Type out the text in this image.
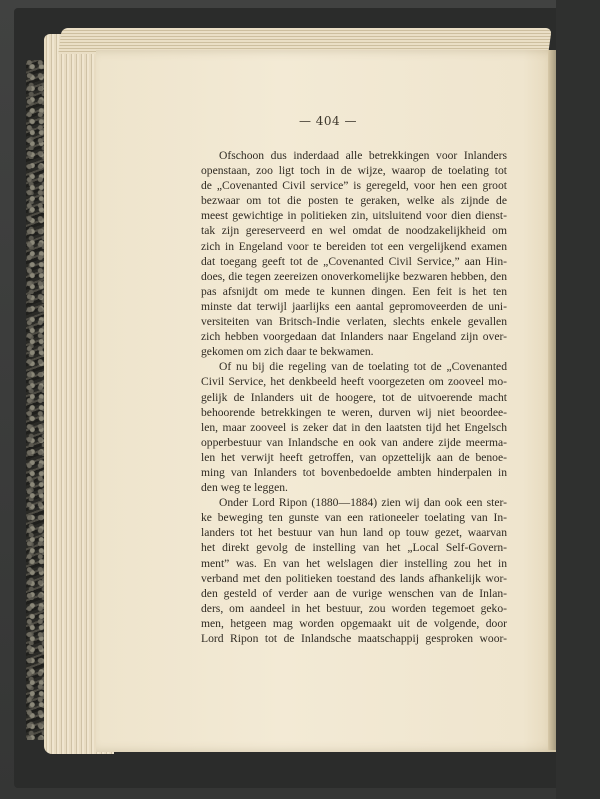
— 404 —
Ofschoon dus inderdaad alle betrekkingen voor Inlanders
openstaan, zoo ligt toch in de wijze, waarop de toelating tot
de „Covenanted Civil service” is geregeld, voor hen een groot
bezwaar om tot die posten te geraken, welke als zijnde de
meest gewichtige in politieken zin, uitsluitend voor dien dienst-
tak zijn gereserveerd en wel omdat de noodzakelijkheid om
zich in Engeland voor te bereiden tot een vergelijkend examen
dat toegang geeft tot de „Covenanted Civil Service,” aan Hin-
does, die tegen zeereizen onoverkomelijke bezwaren hebben, den
pas afsnijdt om mede te kunnen dingen. Een feit is het ten
minste dat terwijl jaarlijks een aantal gepromoveerden de uni-
versiteiten van Britsch-Indie verlaten, slechts enkele gevallen
zich hebben voorgedaan dat Inlanders naar Engeland zijn over-
gekomen om zich daar te bekwamen.
Of nu bij die regeling van de toelating tot de „Covenanted
Civil Service, het denkbeeld heeft voorgezeten om zooveel mo-
gelijk de Inlanders uit de hoogere, tot de uitvoerende macht
behoorende betrekkingen te weren, durven wij niet beoordee-
len, maar zooveel is zeker dat in den laatsten tijd het Engelsch
opperbestuur van Inlandsche en ook van andere zijde meerma-
len het verwijt heeft getroffen, van opzettelijk aan de benoe-
ming van Inlanders tot bovenbedoelde ambten hinderpalen in
den weg te leggen.
Onder Lord Ripon (1880—1884) zien wij dan ook een ster-
ke beweging ten gunste van een rationeeler toelating van In-
landers tot het bestuur van hun land op touw gezet, waarvan
het direkt gevolg de instelling van het „Local Self-Govern-
ment” was. En van het welslagen dier instelling zou het in
verband met den politieken toestand des lands afhankelijk wor-
den gesteld of verder aan de vurige wenschen van de Inlan-
ders, om aandeel in het bestuur, zou worden tegemoet geko-
men, hetgeen mag worden opgemaakt uit de volgende, door
Lord Ripon tot de Inlandsche maatschappij gesproken woor-
